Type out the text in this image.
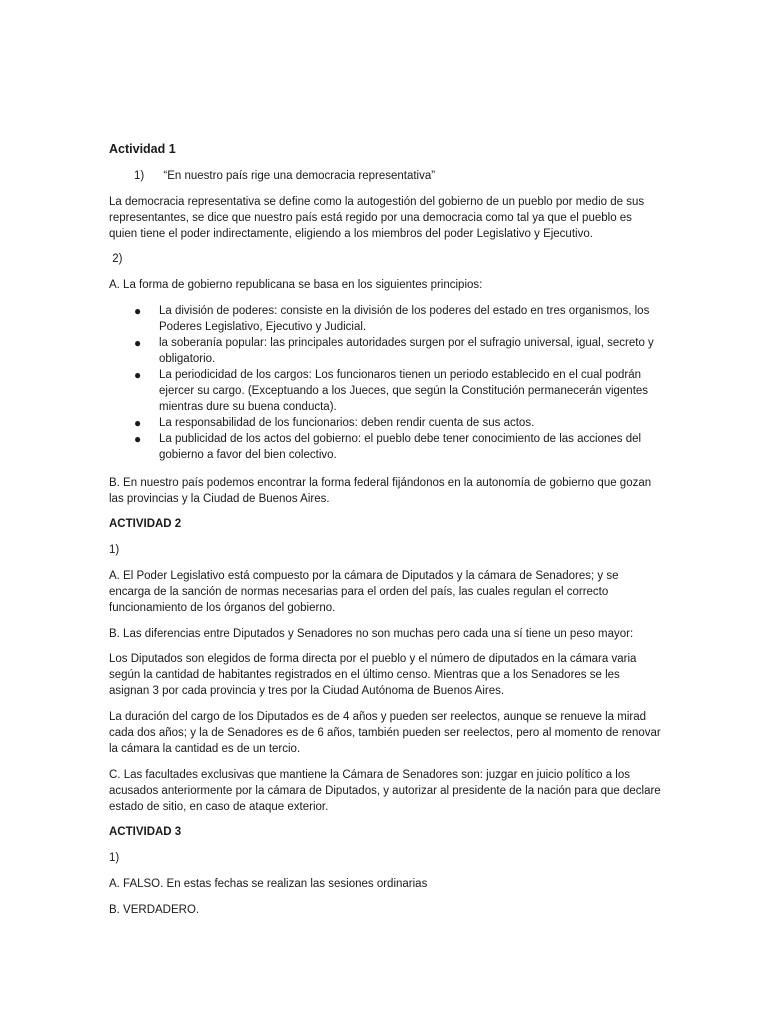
Actividad 1

1)      “En nuestro país rige una democracia representativa”

La democracia representativa se define como la autogestión del gobierno de un pueblo por medio de sus representantes, se dice que nuestro país está regido por una democracia como tal ya que el pueblo es quien tiene el poder indirectamente, eligiendo a los miembros del poder Legislativo y Ejecutivo.

2)

A. La forma de gobierno republicana se basa en los siguientes principios:

● La división de poderes: consiste en la división de los poderes del estado en tres organismos, los Poderes Legislativo, Ejecutivo y Judicial.
● la soberanía popular: las principales autoridades surgen por el sufragio universal, igual, secreto y obligatorio.
● La periodicidad de los cargos: Los funcionaros tienen un periodo establecido en el cual podrán ejercer su cargo. (Exceptuando a los Jueces, que según la Constitución permanecerán vigentes mientras dure su buena conducta).
● La responsabilidad de los funcionarios: deben rendir cuenta de sus actos.
● La publicidad de los actos del gobierno: el pueblo debe tener conocimiento de las acciones del gobierno a favor del bien colectivo.

B. En nuestro país podemos encontrar la forma federal fijándonos en la autonomía de gobierno que gozan las provincias y la Ciudad de Buenos Aires.

ACTIVIDAD 2

1)

A. El Poder Legislativo está compuesto por la cámara de Diputados y la cámara de Senadores; y se encarga de la sanción de normas necesarias para el orden del país, las cuales regulan el correcto funcionamiento de los órganos del gobierno.

B. Las diferencias entre Diputados y Senadores no son muchas pero cada una sí tiene un peso mayor:

Los Diputados son elegidos de forma directa por el pueblo y el número de diputados en la cámara varia según la cantidad de habitantes registrados en el último censo. Mientras que a los Senadores se les asignan 3 por cada provincia y tres por la Ciudad Autónoma de Buenos Aires.

La duración del cargo de los Diputados es de 4 años y pueden ser reelectos, aunque se renueve la mirad cada dos años; y la de Senadores es de 6 años, también pueden ser reelectos, pero al momento de renovar la cámara la cantidad es de un tercio.

C. Las facultades exclusivas que mantiene la Cámara de Senadores son: juzgar en juicio político a los acusados anteriormente por la cámara de Diputados, y autorizar al presidente de la nación para que declare estado de sitio, en caso de ataque exterior.

ACTIVIDAD 3

1)

A. FALSO. En estas fechas se realizan las sesiones ordinarias

B. VERDADERO.
